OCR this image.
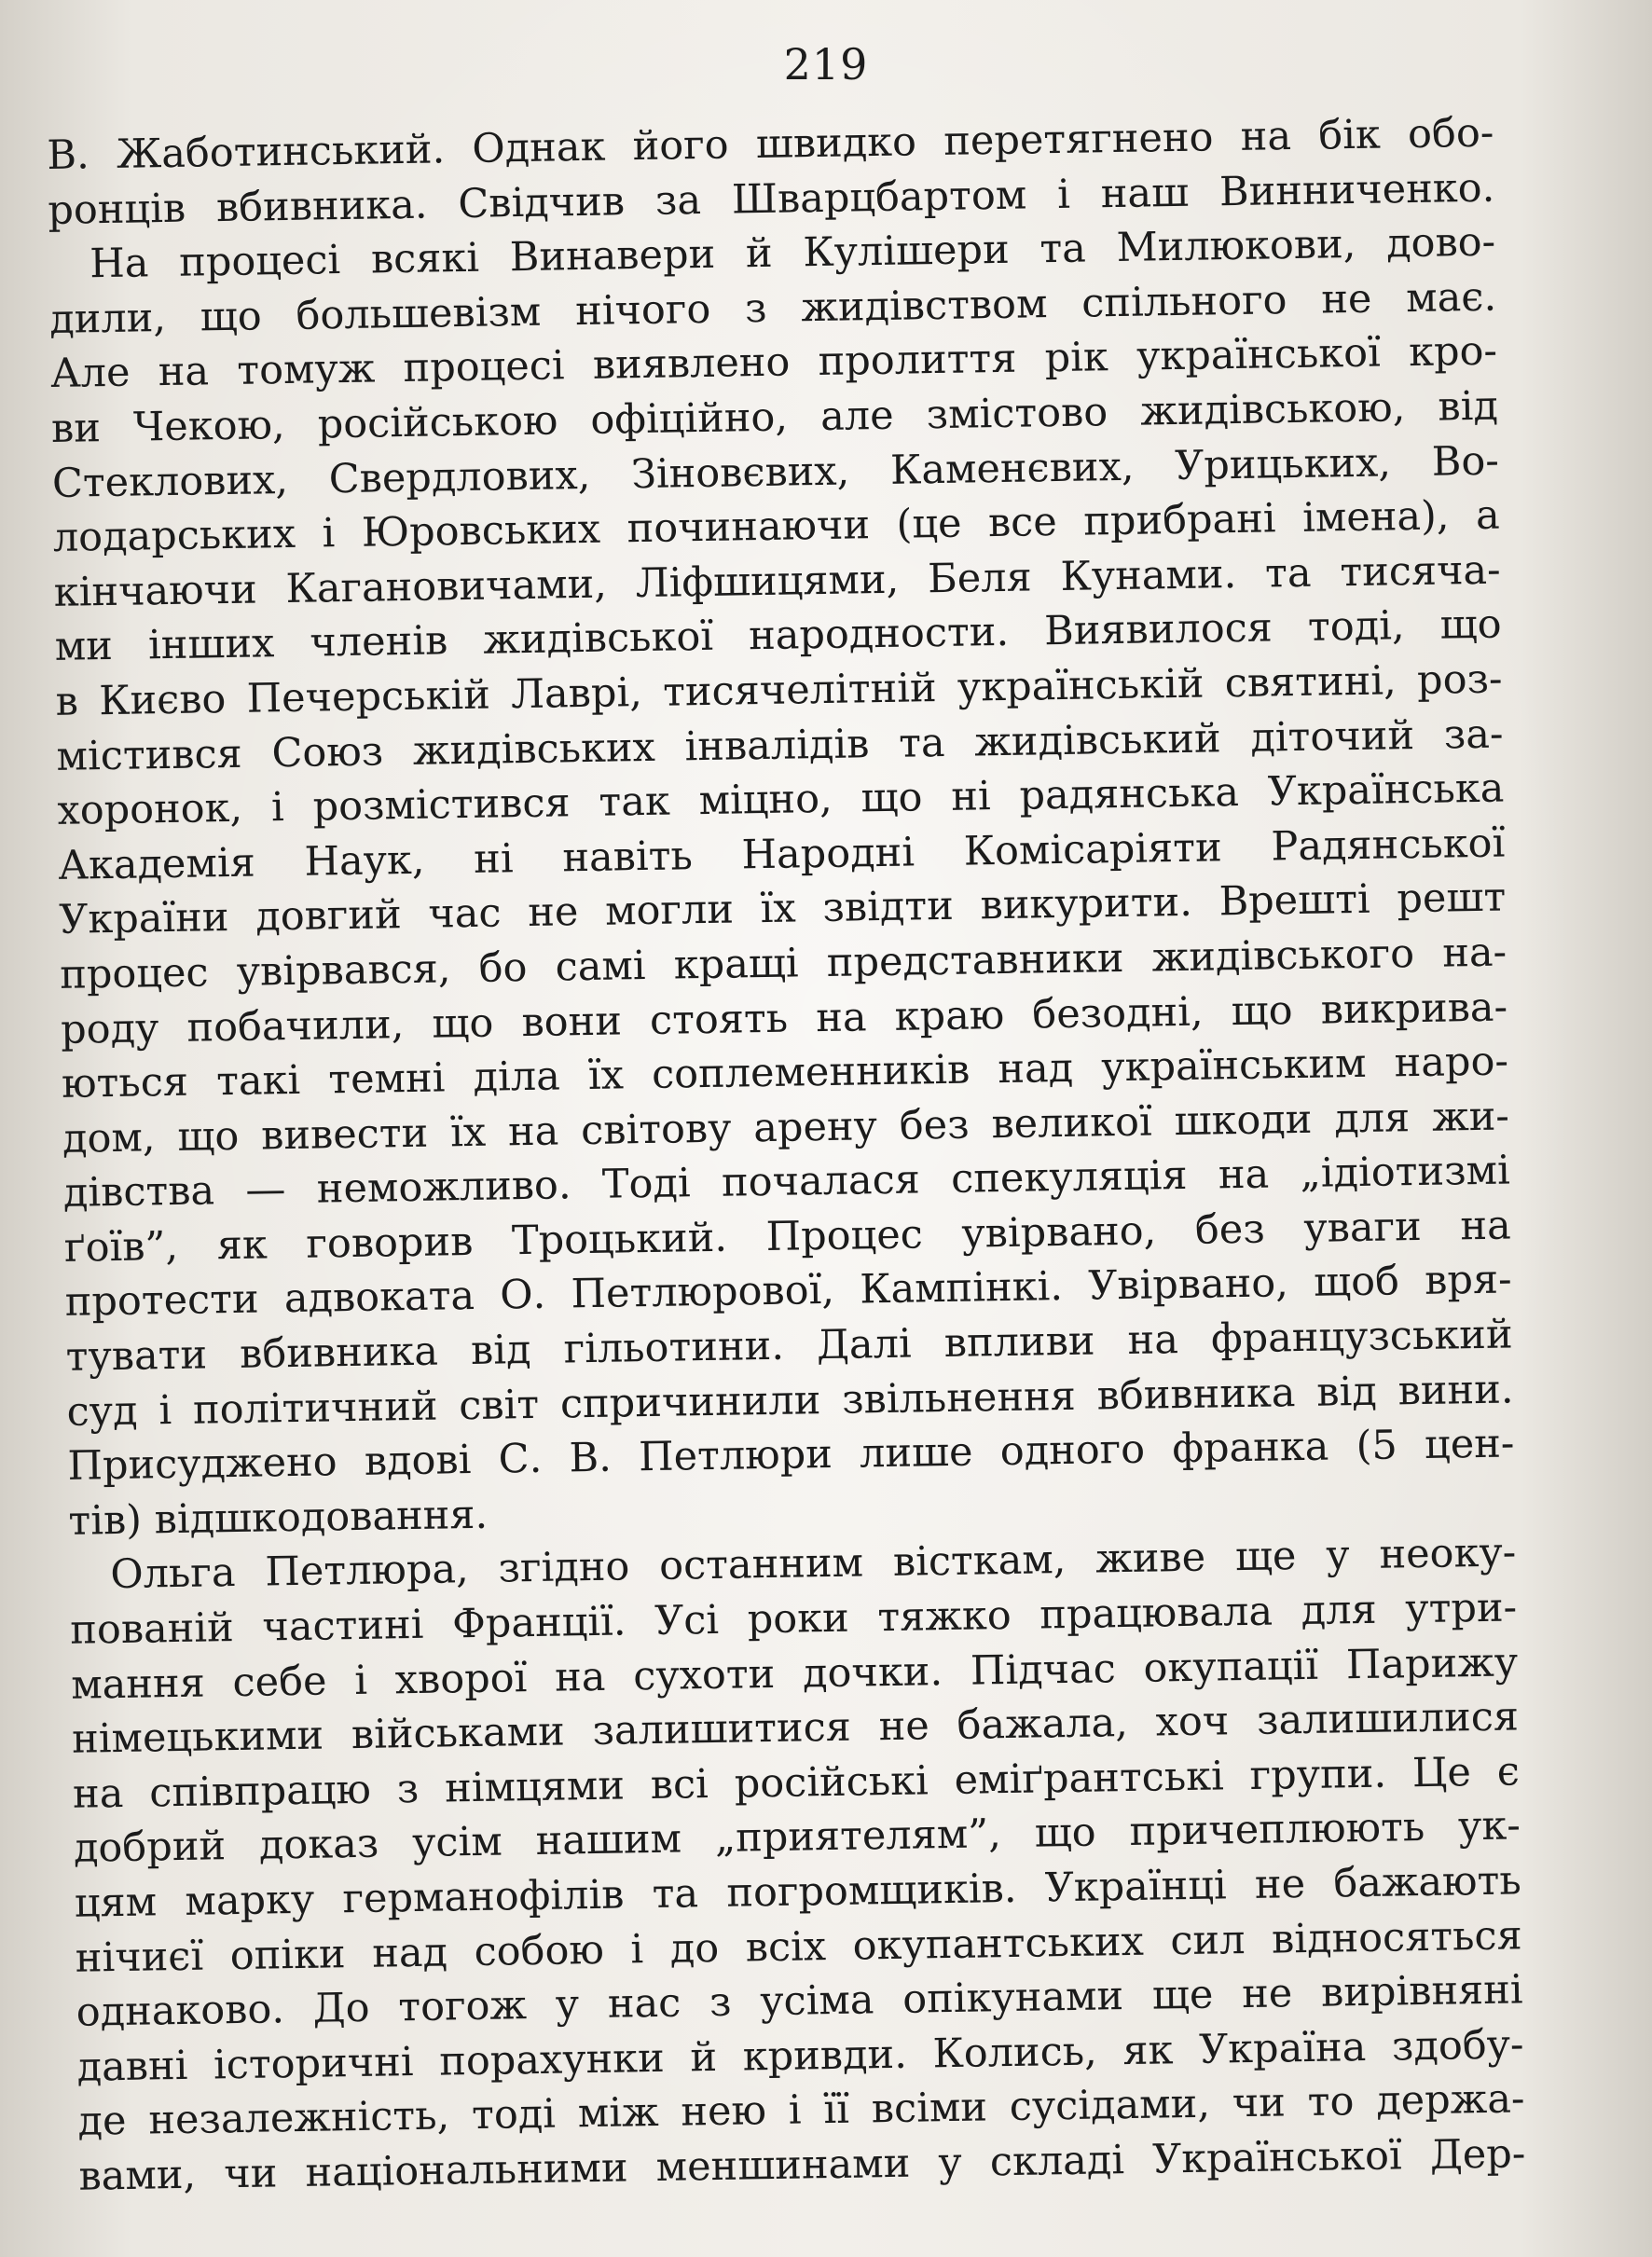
219
В. Жаботинський. Однак його швидко перетягнено на бік обо-
ронців вбивника. Свідчив за Шварцбартом і наш Винниченко.
На процесі всякі Винавери й Кулішери та Милюкови, дово-
дили, що большевізм нічого з жидівством спільного не має.
Але на томуж процесі виявлено пролиття рік української кро-
ви Чекою, російською офіційно, але змістово жидівською, від
Стеклових, Свердлових, Зіновєвих, Каменєвих, Урицьких, Во-
лодарських і Юровських починаючи (це все прибрані імена), а
кінчаючи Кагановичами, Ліфшицями, Беля Кунами. та тисяча-
ми інших членів жидівської народности. Виявилося тоді, що
в Києво Печерській Лаврі, тисячелітній українській святині, роз-
містився Союз жидівських інвалідів та жидівський діточий за-
хоронок, і розмістився так міцно, що ні радянська Українська
Академія Наук, ні навіть Народні Комісаріяти Радянської
України довгий час не могли їх звідти викурити. Врешті решт
процес увірвався, бо самі кращі представники жидівського на-
роду побачили, що вони стоять на краю безодні, що викрива-
ються такі темні діла їх соплеменників над українським наро-
дом, що вивести їх на світову арену без великої шкоди для жи-
дівства — неможливо. Тоді почалася спекуляція на „ідіотизмі
ґоїв”, як говорив Троцький. Процес увірвано, без уваги на
протести адвоката О. Петлюрової, Кампінкі. Увірвано, щоб вря-
тувати вбивника від гільотини. Далі впливи на французський
суд і політичний світ спричинили звільнення вбивника від вини.
Присуджено вдові С. В. Петлюри лише одного франка (5 цен-
тів) відшкодовання.
Ольга Петлюра, згідно останним вісткам, живе ще у неоку-
пованій частині Франції. Усі роки тяжко працювала для утри-
мання себе і хворої на сухоти дочки. Підчас окупації Парижу
німецькими військами залишитися не бажала, хоч залишилися
на співпрацю з німцями всі російські еміґрантські групи. Це є
добрий доказ усім нашим „приятелям”, що причеплюють ук-
цям марку германофілів та погромщиків. Українці не бажають
нічиєї опіки над собою і до всіх окупантських сил відносяться
однаково. До тогож у нас з усіма опікунами ще не вирівняні
давні історичні порахунки й кривди. Колись, як Україна здобу-
де незалежність, тоді між нею і її всіми сусідами, чи то держа-
вами, чи національними меншинами у складі Української Дер-
